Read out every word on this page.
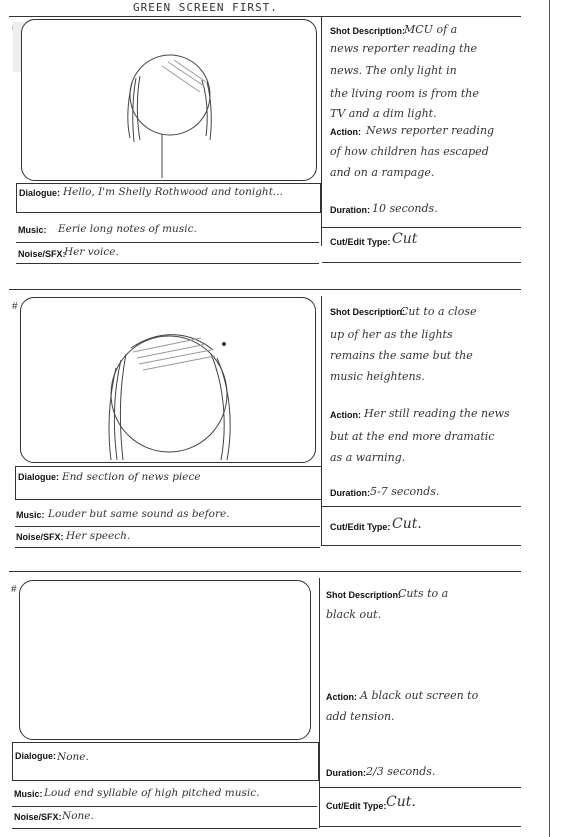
GREEN SCREEN FIRST.
Dialogue: Hello, I'm Shelly Rothwood and tonight...
Music: Eerie long notes of music.
Noise/SFX:
Her voice.
Shot Description:
MCU of a
news reporter reading the
news. The only light in
the living room is from the
TV and a dim light.
Action: News reporter reading
of how children has escaped
and on a rampage.
Duration: 10 seconds.
Cut/Edit Type: Cut
#
Dialogue: End section of news piece
Music: Louder but same sound as before.
Noise/SFX: Her speech.
Shot Description:
Cut to a close
up of her as the lights
remains the same but the
music heightens.
Action: Her still reading the news
but at the end more dramatic
as a warning.
Duration: 5-7 seconds.
Cut/Edit Type: Cut.
#
Dialogue: None.
Music: Loud end syllable of high pitched music.
Noise/SFX: None.
Shot Description:
Cuts to a
black out.
Action: A black out screen to
add tension.
Duration: 2/3 seconds.
Cut/Edit Type: Cut.
